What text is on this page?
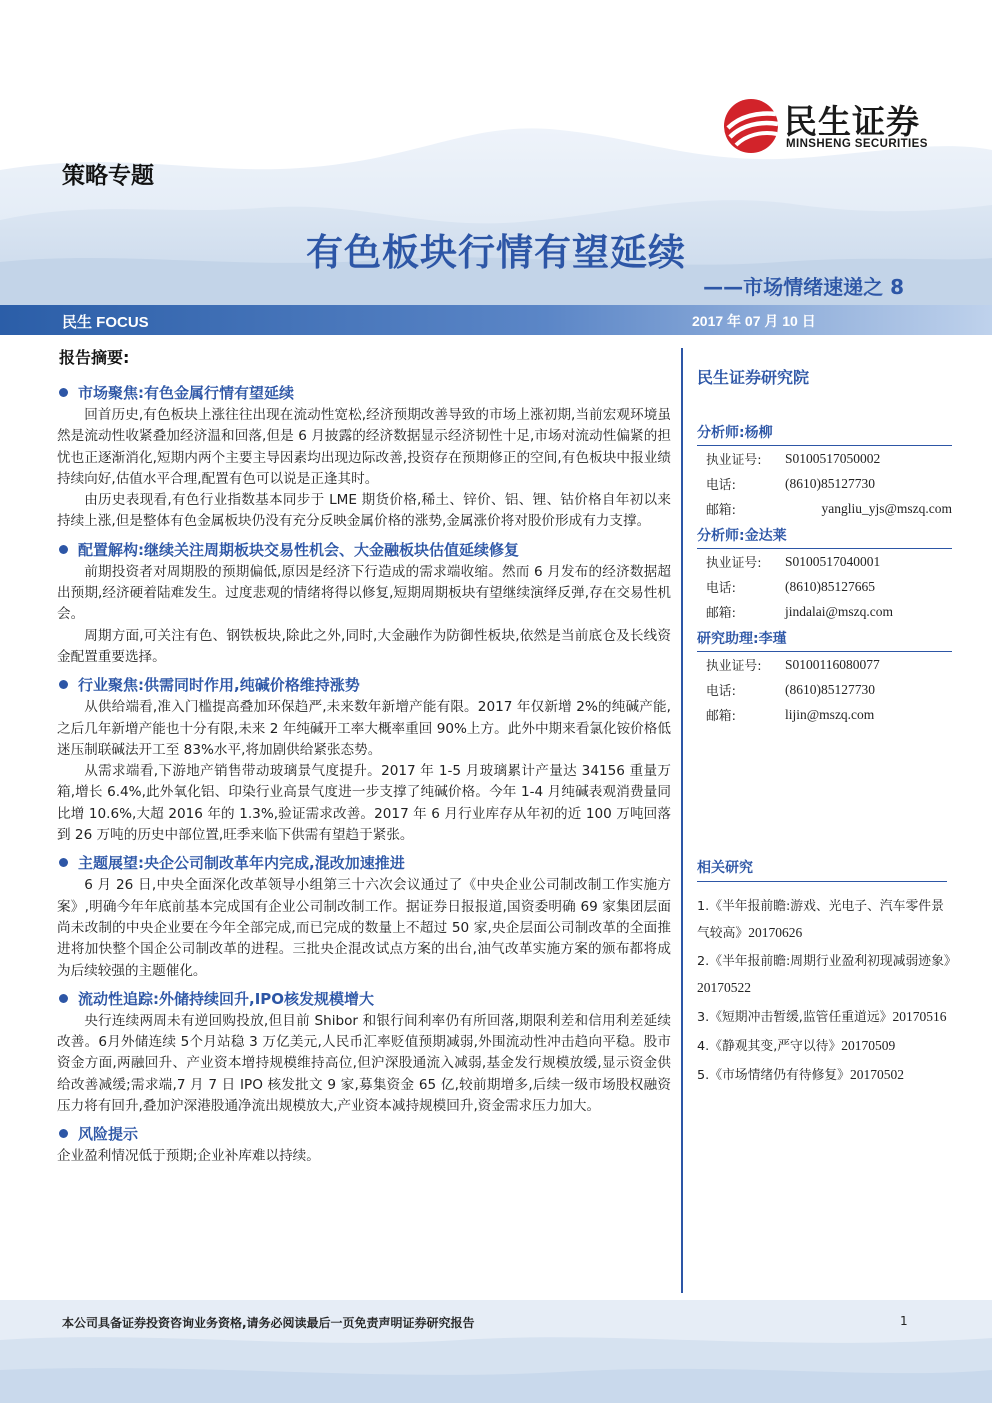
民生证券
MINSHENG SECURITIES
策略专题
有色板块行情有望延续
——市场情绪速递之 8
民生 FOCUS	2017 年 07 月 10 日
报告摘要:
市场聚焦:有色金属行情有望延续

回首历史,有色板块上涨往往出现在流动性宽松,经济预期改善导致的市场上涨初期,当前宏观环境虽然是流动性收紧叠加经济温和回落,但是 6 月披露的经济数据显示经济韧性十足,市场对流动性偏紧的担忧也正逐渐消化,短期内两个主要主导因素均出现边际改善,投资存在预期修正的空间,有色板块中报业绩持续向好,估值水平合理,配置有色可以说是正逢其时。

由历史表现看,有色行业指数基本同步于 LME 期货价格,稀土、锌价、铝、锂、钴价格自年初以来持续上涨,但是整体有色金属板块仍没有充分反映金属价格的涨势,金属涨价将对股价形成有力支撑。

配置解构:继续关注周期板块交易性机会、大金融板块估值延续修复

前期投资者对周期股的预期偏低,原因是经济下行造成的需求端收缩。然而 6 月发布的经济数据超出预期,经济硬着陆难发生。过度悲观的情绪将得以修复,短期周期板块有望继续演绎反弹,存在交易性机会。

周期方面,可关注有色、钢铁板块,除此之外,同时,大金融作为防御性板块,依然是当前底仓及长线资金配置重要选择。

行业聚焦:供需同时作用,纯碱价格维持涨势

从供给端看,准入门槛提高叠加环保趋严,未来数年新增产能有限。2017 年仅新增 2%的纯碱产能,之后几年新增产能也十分有限,未来 2 年纯碱开工率大概率重回 90%上方。此外中期来看氯化铵价格低迷压制联碱法开工至 83%水平,将加剧供给紧张态势。

从需求端看,下游地产销售带动玻璃景气度提升。2017 年 1-5 月玻璃累计产量达 34156 重量万箱,增长 6.4%,此外氧化铝、印染行业高景气度进一步支撑了纯碱价格。今年 1-4 月纯碱表观消费量同比增 10.6%,大超 2016 年的 1.3%,验证需求改善。2017 年 6 月行业库存从年初的近 100 万吨回落到 26 万吨的历史中部位置,旺季来临下供需有望趋于紧张。

主题展望:央企公司制改革年内完成,混改加速推进

6 月 26 日,中央全面深化改革领导小组第三十六次会议通过了《中央企业公司制改制工作实施方案》,明确今年年底前基本完成国有企业公司制改制工作。据证券日报报道,国资委明确 69 家集团层面尚未改制的中央企业要在今年全部完成,而已完成的数量上不超过 50 家,央企层面公司制改革的全面推进将加快整个国企公司制改革的进程。三批央企混改试点方案的出台,油气改革实施方案的颁布都将成为后续较强的主题催化。

流动性追踪:外储持续回升,IPO核发规模增大

央行连续两周未有逆回购投放,但目前 Shibor 和银行间利率仍有所回落,期限利差和信用利差延续改善。6月外储连续 5个月站稳 3 万亿美元,人民币汇率贬值预期减弱,外围流动性冲击趋向平稳。股市资金方面,两融回升、产业资本增持规模维持高位,但沪深股通流入减弱,基金发行规模放缓,显示资金供给改善减缓;需求端,7 月 7 日 IPO 核发批文 9 家,募集资金 65 亿,较前期增多,后续一级市场股权融资压力将有回升,叠加沪深港股通净流出规模放大,产业资本减持规模回升,资金需求压力加大。

风险提示

企业盈利情况低于预期;企业补库难以持续。

民生证券研究院
分析师:杨柳
执业证号:	S0100517050002
电话:	(8610)85127730
邮箱:	yangliu_yjs@mszq.com
分析师:金达莱
执业证号:	S0100517040001
电话:	(8610)85127665
邮箱:	jindalai@mszq.com
研究助理:李瑾
执业证号:	S0100116080077
电话:	(8610)85127730
邮箱:	lijin@mszq.com
相关研究
1.《半年报前瞻:游戏、光电子、汽车零件景气较高》20170626
2.《半年报前瞻:周期行业盈利初现减弱迹象》20170522
3.《短期冲击暂缓,监管任重道远》20170516
4.《静观其变,严守以待》20170509
5.《市场情绪仍有待修复》20170502
本公司具备证券投资咨询业务资格,请务必阅读最后一页免责声明证券研究报告	1
